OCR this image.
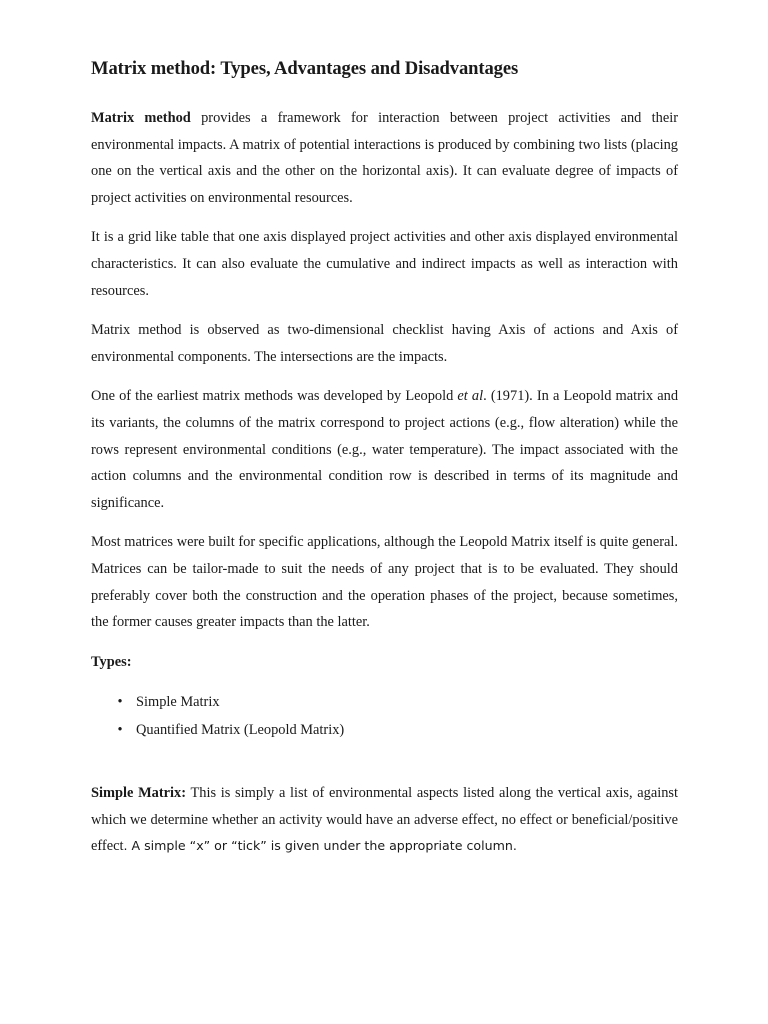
Matrix method: Types, Advantages and Disadvantages

Matrix method provides a framework for interaction between project activities and their environmental impacts. A matrix of potential interactions is produced by combining two lists (placing one on the vertical axis and the other on the horizontal axis). It can evaluate degree of impacts of project activities on environmental resources.

It is a grid like table that one axis displayed project activities and other axis displayed environmental characteristics. It can also evaluate the cumulative and indirect impacts as well as interaction with resources.

Matrix method is observed as two-dimensional checklist having Axis of actions and Axis of environmental components. The intersections are the impacts.

One of the earliest matrix methods was developed by Leopold et al. (1971). In a Leopold matrix and its variants, the columns of the matrix correspond to project actions (e.g., flow alteration) while the rows represent environmental conditions (e.g., water temperature). The impact associated with the action columns and the environmental condition row is described in terms of its magnitude and significance.

Most matrices were built for specific applications, although the Leopold Matrix itself is quite general. Matrices can be tailor-made to suit the needs of any project that is to be evaluated. They should preferably cover both the construction and the operation phases of the project, because sometimes, the former causes greater impacts than the latter.

Types:
• Simple Matrix
• Quantified Matrix (Leopold Matrix)

Simple Matrix: This is simply a list of environmental aspects listed along the vertical axis, against which we determine whether an activity would have an adverse effect, no effect or beneficial/positive effect. A simple “x” or “tick” is given under the appropriate column.
